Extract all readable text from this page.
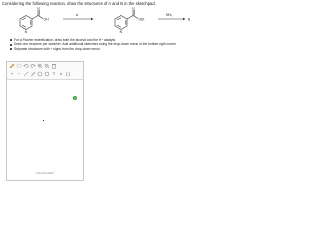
Considering the following reaction, draw the structures of A and B in the sketchpad.

O
OH
N
A
O
OEt
N
NH₃
B
For a Fischer esterification, draw both the alcohol and the H⁺ catalyst.
Draw one structure per sketcher. Add additional sketchers using the drop-down menu in the bottom right corner.
Separate structures with + signs from the drop-down menu.
+	−	T	±	[ ]
ChemDoodle®
